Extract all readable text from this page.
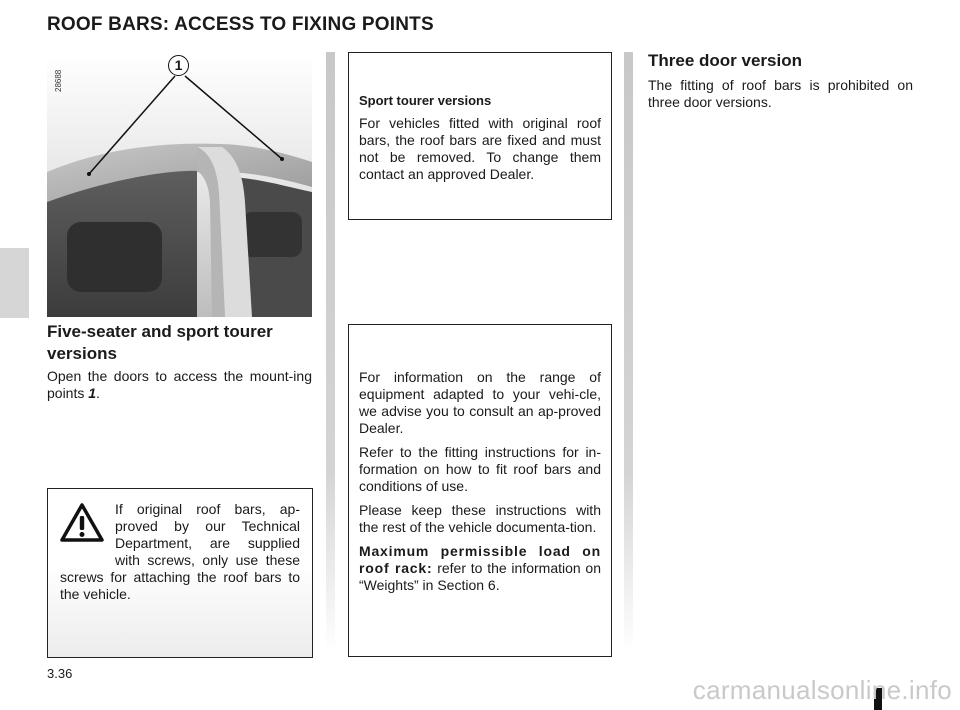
ROOF BARS: ACCESS TO FIXING POINTS
28688
1
Five-seater and sport tourer versions

Open the doors to access the mount-ing points 1.

If original roof bars, ap-proved by our Technical Department, are supplied with screws, only use these screws for attaching the roof bars to the vehicle.
Sport tourer versions

For vehicles fitted with original roof bars, the roof bars are fixed and must not be removed. To change them contact an approved Dealer.

For information on the range of equipment adapted to your vehi-cle, we advise you to consult an ap-proved Dealer.

Refer to the fitting instructions for in-formation on how to fit roof bars and conditions of use.

Please keep these instructions with the rest of the vehicle documenta-tion.

Maximum permissible load on roof rack: refer to the information on “Weights” in Section 6.

Three door version

The fitting of roof bars is prohibited on three door versions.

3.36
carmanualsonline.info
